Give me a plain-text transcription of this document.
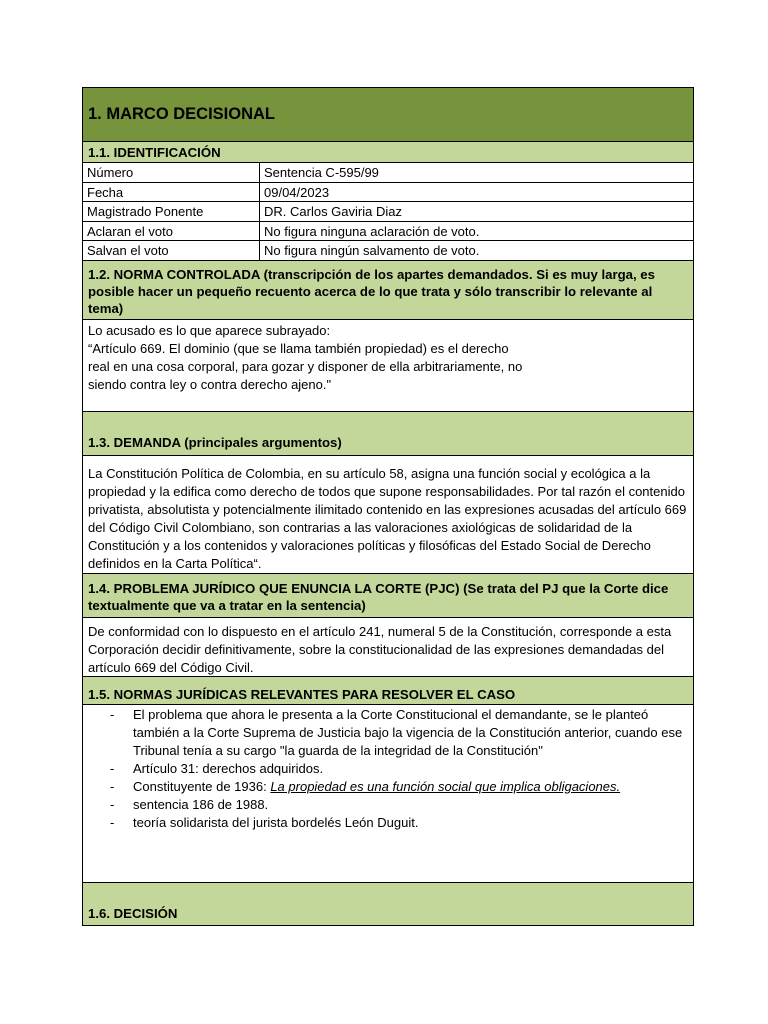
1. MARCO DECISIONAL
1.1. IDENTIFICACIÓN
Número	Sentencia C-595/99
Fecha	09/04/2023
Magistrado Ponente	DR. Carlos Gaviria Diaz
Aclaran el voto	No figura ninguna aclaración de voto.
Salvan el voto	No figura ningún salvamento de voto.
1.2. NORMA CONTROLADA (transcripción de los apartes demandados. Si es muy larga, es posible hacer un pequeño recuento acerca de lo que trata y sólo transcribir lo relevante al tema)
Lo acusado es lo que aparece subrayado:
“Artículo 669. El dominio (que se llama también propiedad) es el derecho
real en una cosa corporal, para gozar y disponer de ella arbitrariamente, no
siendo contra ley o contra derecho ajeno."
1.3. DEMANDA (principales argumentos)
La Constitución Política de Colombia, en su artículo 58, asigna una función social y ecológica a la propiedad y la edifica como derecho de todos que supone responsabilidades. Por tal razón el contenido privatista, absolutista y potencialmente ilimitado contenido en las expresiones acusadas del artículo 669 del Código Civil Colombiano, son contrarias a las valoraciones axiológicas de solidaridad de la Constitución y a los contenidos y valoraciones políticas y filosóficas del Estado Social de Derecho definidos en la Carta Política“.
1.4. PROBLEMA JURÍDICO QUE ENUNCIA LA CORTE (PJC) (Se trata del PJ que la Corte dice textualmente que va a tratar en la sentencia)
De conformidad con lo dispuesto en el artículo 241, numeral 5 de la Constitución, corresponde a esta Corporación decidir definitivamente, sobre la constitucionalidad de las expresiones demandadas del artículo 669 del Código Civil.
1.5. NORMAS JURÍDICAS RELEVANTES PARA RESOLVER EL CASO
- El problema que ahora le presenta a la Corte Constitucional el demandante, se le planteó también a la Corte Suprema de Justicia bajo la vigencia de la Constitución anterior, cuando ese Tribunal tenía a su cargo "la guarda de la integridad de la Constitución"
- Artículo 31: derechos adquiridos.
- Constituyente de 1936: La propiedad es una función social que implica obligaciones.
- sentencia 186 de 1988.
- teoría solidarista del jurista bordelés León Duguit.
1.6. DECISIÓN
